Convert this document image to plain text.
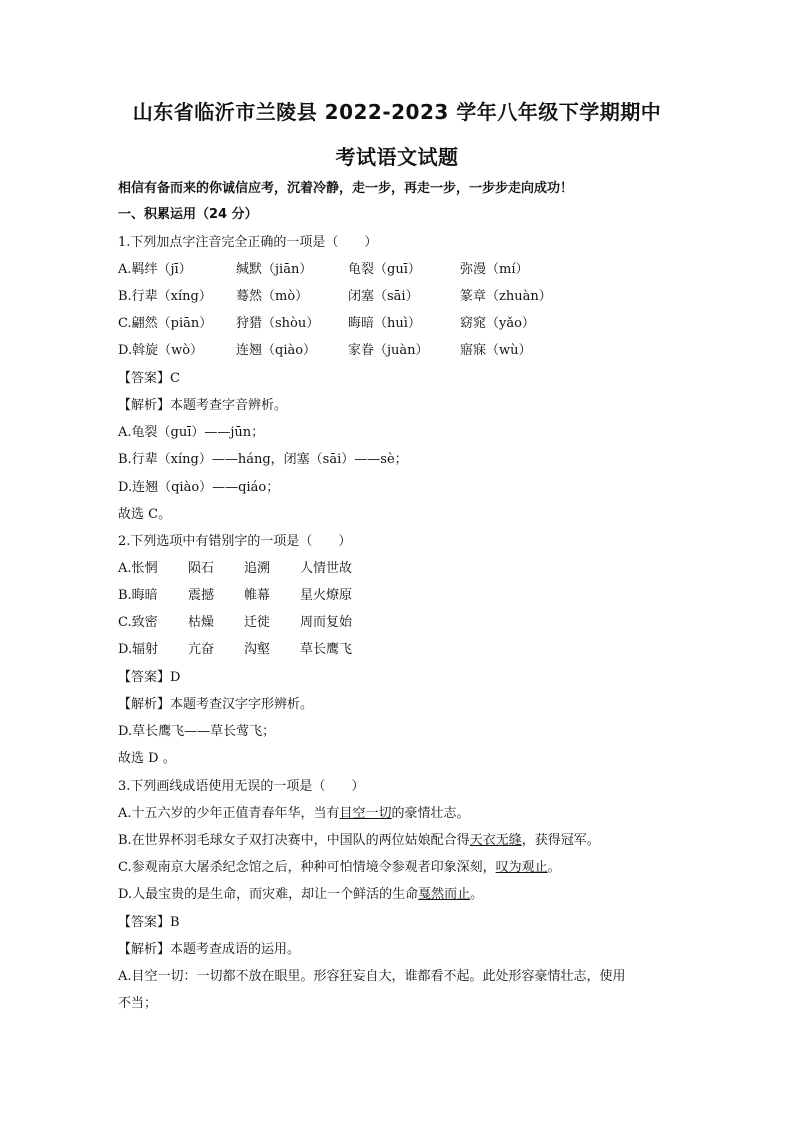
山东省临沂市兰陵县 2022-2023 学年八年级下学期期中
考试语文试题
相信有备而来的你诚信应考，沉着冷静，走一步，再走一步，一步步走向成功！
一、积累运用（24 分）
1.下列加点字注音完全正确的一项是（　　）
A.羁绊（jī）	缄默（jiān）	龟裂（guī）	弥漫（mí）
B.行辈（xíng）	蓦然（mò）	闭塞（sāi）	篆章（zhuàn）
C.翩然（piān）	狩猎（shòu）	晦暗（huì）	窈窕（yǎo）
D.斡旋（wò）	连翘（qiào）	家眷（juàn）	寤寐（wù）
【答案】C
【解析】本题考查字音辨析。
A.龟裂（guī）——jūn；
B.行辈（xíng）——háng，闭塞（sāi）——sè；
D.连翘（qiào）——qiáo；
故选 C。
2.下列选项中有错别字的一项是（　　）
A.怅惘	陨石	追溯	人情世故
B.晦暗	震撼	帷幕	星火燎原
C.致密	枯燥	迁徙	周而复始
D.辐射	亢奋	沟壑	草长鹰飞
【答案】D
【解析】本题考查汉字字形辨析。
D.草长鹰飞——草长莺飞；
故选 D 。
3.下列画线成语使用无误的一项是（　　）
A.十五六岁的少年正值青春年华，当有目空一切的豪情壮志。
B.在世界杯羽毛球女子双打决赛中，中国队的两位姑娘配合得天衣无缝，获得冠军。
C.参观南京大屠杀纪念馆之后，种种可怕情境令参观者印象深刻，叹为观止。
D.人最宝贵的是生命，而灾难，却让一个鲜活的生命戛然而止。
【答案】B
【解析】本题考查成语的运用。
A.目空一切：一切都不放在眼里。形容狂妄自大，谁都看不起。此处形容豪情壮志，使用
不当；
